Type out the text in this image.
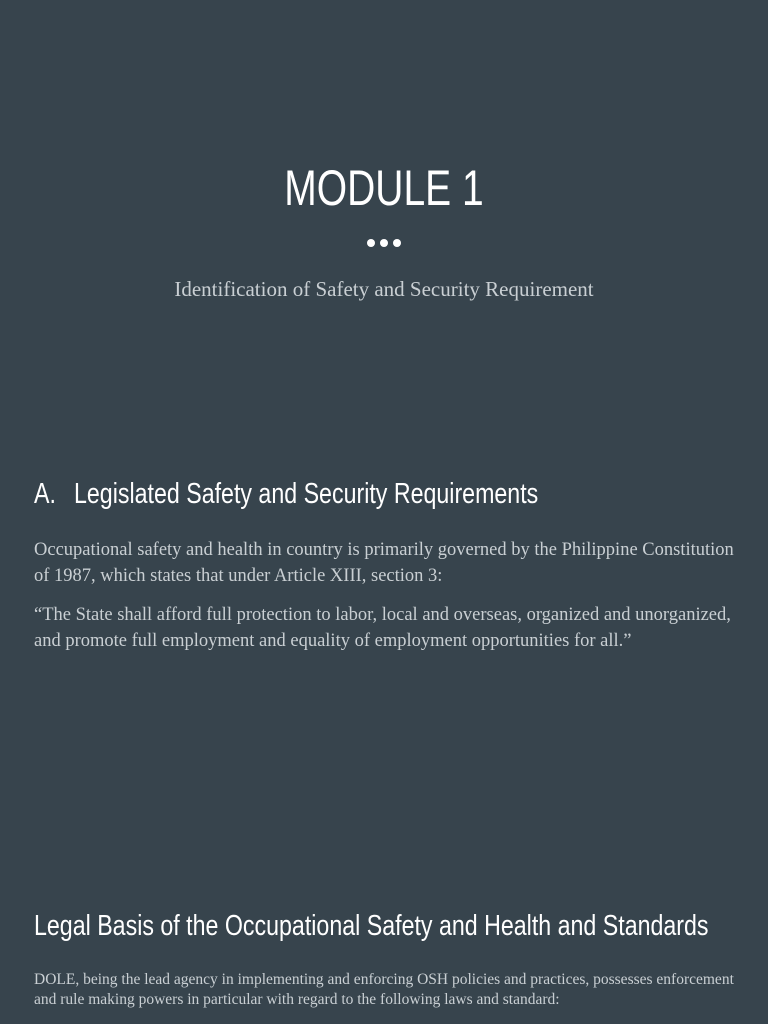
MODULE 1
Identification of Safety and Security Requirement
A. Legislated Safety and Security Requirements

Occupational safety and health in country is primarily governed by the Philippine Constitution of 1987, which states that under Article XIII, section 3:

“The State shall afford full protection to labor, local and overseas, organized and unorganized, and promote full employment and equality of employment opportunities for all.”

Legal Basis of the Occupational Safety and Health and Standards

DOLE, being the lead agency in implementing and enforcing OSH policies and practices, possesses enforcement and rule making powers in particular with regard to the following laws and standard:
